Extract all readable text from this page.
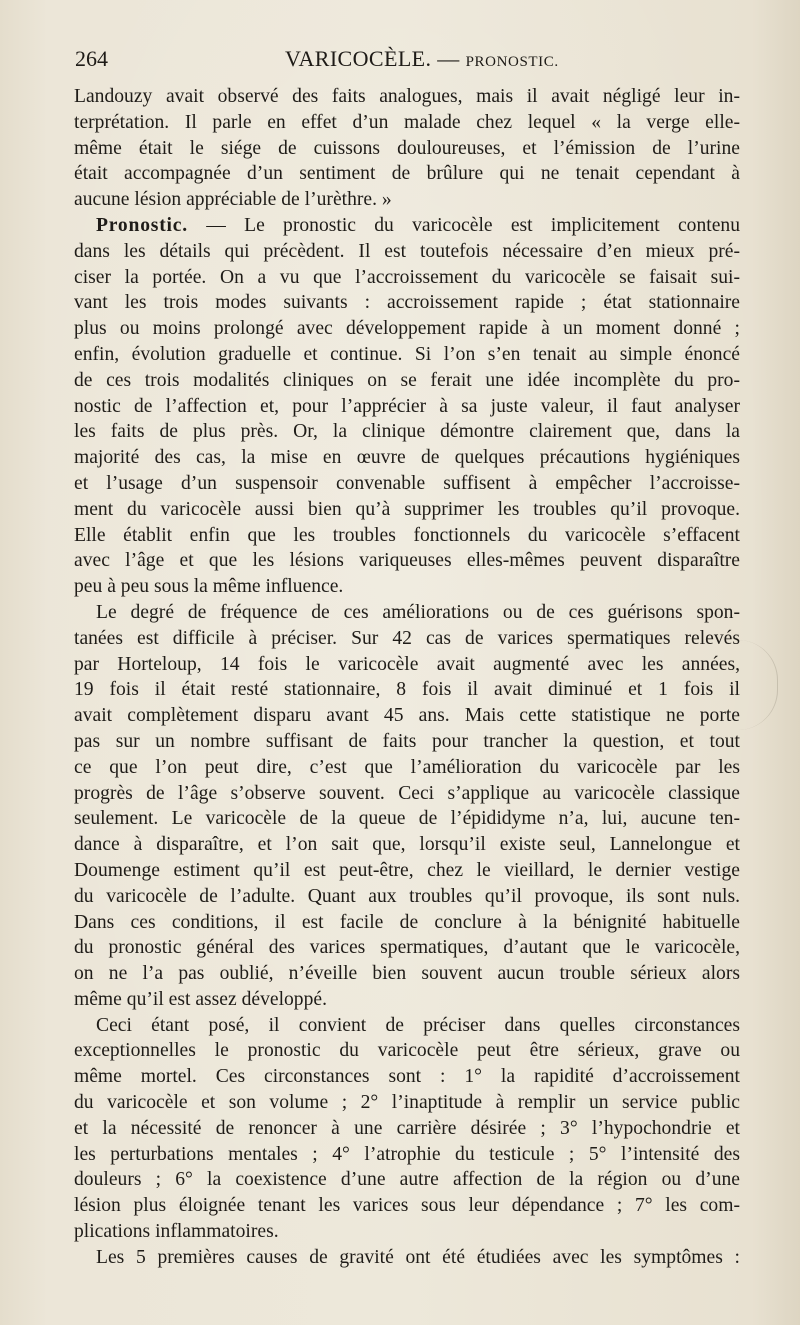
264	VARICOCÈLE. — PRONOSTIC.

Landouzy avait observé des faits analogues, mais il avait négligé leur in-
terprétation. Il parle en effet d’un malade chez lequel « la verge elle-
même était le siége de cuissons douloureuses, et l’émission de l’urine
était accompagnée d’un sentiment de brûlure qui ne tenait cependant à
aucune lésion appréciable de l’urèthre. »

Pronostic. — Le pronostic du varicocèle est implicitement contenu
dans les détails qui précèdent. Il est toutefois nécessaire d’en mieux pré-
ciser la portée. On a vu que l’accroissement du varicocèle se faisait sui-
vant les trois modes suivants : accroissement rapide ; état stationnaire
plus ou moins prolongé avec développement rapide à un moment donné ;
enfin, évolution graduelle et continue. Si l’on s’en tenait au simple énoncé
de ces trois modalités cliniques on se ferait une idée incomplète du pro-
nostic de l’affection et, pour l’apprécier à sa juste valeur, il faut analyser
les faits de plus près. Or, la clinique démontre clairement que, dans la
majorité des cas, la mise en œuvre de quelques précautions hygiéniques
et l’usage d’un suspensoir convenable suffisent à empêcher l’accroisse-
ment du varicocèle aussi bien qu’à supprimer les troubles qu’il provoque.
Elle établit enfin que les troubles fonctionnels du varicocèle s’effacent
avec l’âge et que les lésions variqueuses elles-mêmes peuvent disparaître
peu à peu sous la même influence.

Le degré de fréquence de ces améliorations ou de ces guérisons spon-
tanées est difficile à préciser. Sur 42 cas de varices spermatiques relevés
par Horteloup, 14 fois le varicocèle avait augmenté avec les années,
19 fois il était resté stationnaire, 8 fois il avait diminué et 1 fois il
avait complètement disparu avant 45 ans. Mais cette statistique ne porte
pas sur un nombre suffisant de faits pour trancher la question, et tout
ce que l’on peut dire, c’est que l’amélioration du varicocèle par les
progrès de l’âge s’observe souvent. Ceci s’applique au varicocèle classique
seulement. Le varicocèle de la queue de l’épididyme n’a, lui, aucune ten-
dance à disparaître, et l’on sait que, lorsqu’il existe seul, Lannelongue et
Doumenge estiment qu’il est peut-être, chez le vieillard, le dernier vestige
du varicocèle de l’adulte. Quant aux troubles qu’il provoque, ils sont nuls.
Dans ces conditions, il est facile de conclure à la bénignité habituelle
du pronostic général des varices spermatiques, d’autant que le varicocèle,
on ne l’a pas oublié, n’éveille bien souvent aucun trouble sérieux alors
même qu’il est assez développé.

Ceci étant posé, il convient de préciser dans quelles circonstances
exceptionnelles le pronostic du varicocèle peut être sérieux, grave ou
même mortel. Ces circonstances sont : 1° la rapidité d’accroissement
du varicocèle et son volume ; 2° l’inaptitude à remplir un service public
et la nécessité de renoncer à une carrière désirée ; 3° l’hypochondrie et
les perturbations mentales ; 4° l’atrophie du testicule ; 5° l’intensité des
douleurs ; 6° la coexistence d’une autre affection de la région ou d’une
lésion plus éloignée tenant les varices sous leur dépendance ; 7° les com-
plications inflammatoires.

Les 5 premières causes de gravité ont été étudiées avec les symptômes :
